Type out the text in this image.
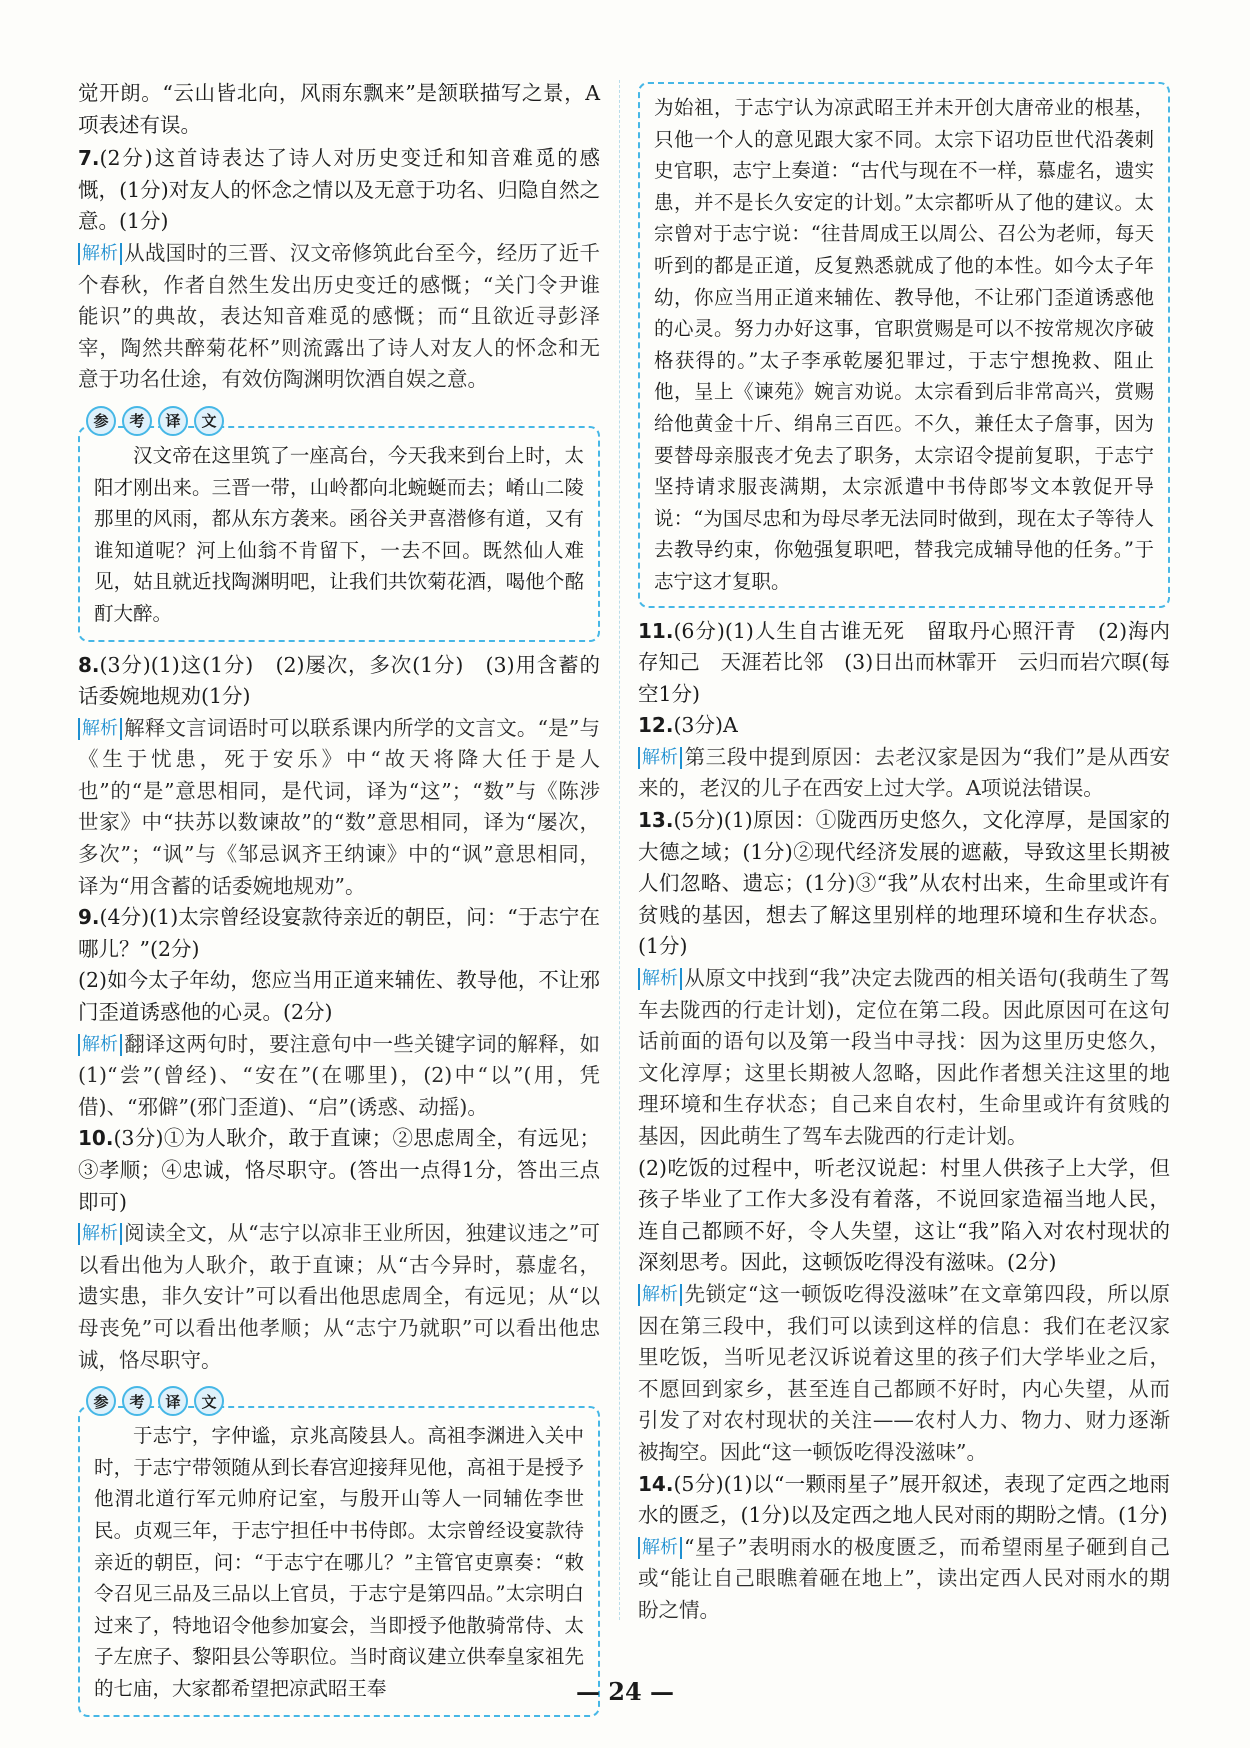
觉开朗。“云山皆北向，风雨东飘来”是颔联描写之景，A项表述有误。

7.(2分)这首诗表达了诗人对历史变迁和知音难觅的感慨，(1分)对友人的怀念之情以及无意于功名、归隐自然之意。(1分)

解析 从战国时的三晋、汉文帝修筑此台至今，经历了近千个春秋，作者自然生发出历史变迁的感慨；“关门令尹谁能识”的典故，表达知音难觅的感慨；而“且欲近寻彭泽宰，陶然共醉菊花杯”则流露出了诗人对友人的怀念和无意于功名仕途，有效仿陶渊明饮酒自娱之意。

参	考	译	文

汉文帝在这里筑了一座高台，今天我来到台上时，太阳才刚出来。三晋一带，山岭都向北蜿蜒而去；崤山二陵那里的风雨，都从东方袭来。函谷关尹喜潜修有道，又有谁知道呢？河上仙翁不肯留下，一去不回。既然仙人难见，姑且就近找陶渊明吧，让我们共饮菊花酒，喝他个酩酊大醉。

8.(3分)(1)这(1分)　(2)屡次，多次(1分)　(3)用含蓄的话委婉地规劝(1分)

解析 解释文言词语时可以联系课内所学的文言文。“是”与《生于忧患，死于安乐》中“故天将降大任于是人也”的“是”意思相同，是代词，译为“这”；“数”与《陈涉世家》中“扶苏以数谏故”的“数”意思相同，译为“屡次，多次”；“讽”与《邹忌讽齐王纳谏》中的“讽”意思相同，译为“用含蓄的话委婉地规劝”。

9.(4分)(1)太宗曾经设宴款待亲近的朝臣，问：“于志宁在哪儿？”(2分)

(2)如今太子年幼，您应当用正道来辅佐、教导他，不让邪门歪道诱惑他的心灵。(2分)

解析 翻译这两句时，要注意句中一些关键字词的解释，如(1)“尝”(曾经)、“安在”(在哪里)，(2)中“以”(用，凭借)、“邪僻”(邪门歪道)、“启”(诱惑、动摇)。

10.(3分)①为人耿介，敢于直谏；②思虑周全，有远见；③孝顺；④忠诚，恪尽职守。(答出一点得1分，答出三点即可)

解析 阅读全文，从“志宁以凉非王业所因，独建议违之”可以看出他为人耿介，敢于直谏；从“古今异时，慕虚名，遗实患，非久安计”可以看出他思虑周全，有远见；从“以母丧免”可以看出他孝顺；从“志宁乃就职”可以看出他忠诚，恪尽职守。

参	考	译	文

于志宁，字仲谧，京兆高陵县人。高祖李渊进入关中时，于志宁带领随从到长春宫迎接拜见他，高祖于是授予他渭北道行军元帅府记室，与殷开山等人一同辅佐李世民。贞观三年，于志宁担任中书侍郎。太宗曾经设宴款待亲近的朝臣，问：“于志宁在哪儿？”主管官吏禀奏：“敕令召见三品及三品以上官员，于志宁是第四品。”太宗明白过来了，特地诏令他参加宴会，当即授予他散骑常侍、太子左庶子、黎阳县公等职位。当时商议建立供奉皇家祖先的七庙，大家都希望把凉武昭王奉

为始祖，于志宁认为凉武昭王并未开创大唐帝业的根基，只他一个人的意见跟大家不同。太宗下诏功臣世代沿袭刺史官职，志宁上奏道：“古代与现在不一样，慕虚名，遗实患，并不是长久安定的计划。”太宗都听从了他的建议。太宗曾对于志宁说：“往昔周成王以周公、召公为老师，每天听到的都是正道，反复熟悉就成了他的本性。如今太子年幼，你应当用正道来辅佐、教导他，不让邪门歪道诱惑他的心灵。努力办好这事，官职赏赐是可以不按常规次序破格获得的。”太子李承乾屡犯罪过，于志宁想挽救、阻止他，呈上《谏苑》婉言劝说。太宗看到后非常高兴，赏赐给他黄金十斤、绢帛三百匹。不久，兼任太子詹事，因为要替母亲服丧才免去了职务，太宗诏令提前复职，于志宁坚持请求服丧满期，太宗派遣中书侍郎岑文本敦促开导说：“为国尽忠和为母尽孝无法同时做到，现在太子等待人去教导约束，你勉强复职吧，替我完成辅导他的任务。”于志宁这才复职。

11.(6分)(1)人生自古谁无死　留取丹心照汗青　(2)海内存知己　天涯若比邻　(3)日出而林霏开　云归而岩穴暝(每空1分)

12.(3分)A

解析 第三段中提到原因：去老汉家是因为“我们”是从西安来的，老汉的儿子在西安上过大学。A项说法错误。

13.(5分)(1)原因：①陇西历史悠久，文化淳厚，是国家的大德之域；(1分)②现代经济发展的遮蔽，导致这里长期被人们忽略、遗忘；(1分)③“我”从农村出来，生命里或许有贫贱的基因，想去了解这里别样的地理环境和生存状态。(1分)

解析 从原文中找到“我”决定去陇西的相关语句(我萌生了驾车去陇西的行走计划)，定位在第二段。因此原因可在这句话前面的语句以及第一段当中寻找：因为这里历史悠久，文化淳厚；这里长期被人忽略，因此作者想关注这里的地理环境和生存状态；自己来自农村，生命里或许有贫贱的基因，因此萌生了驾车去陇西的行走计划。

(2)吃饭的过程中，听老汉说起：村里人供孩子上大学，但孩子毕业了工作大多没有着落，不说回家造福当地人民，连自己都顾不好，令人失望，这让“我”陷入对农村现状的深刻思考。因此，这顿饭吃得没有滋味。(2分)

解析 先锁定“这一顿饭吃得没滋味”在文章第四段，所以原因在第三段中，我们可以读到这样的信息：我们在老汉家里吃饭，当听见老汉诉说着这里的孩子们大学毕业之后，不愿回到家乡，甚至连自己都顾不好时，内心失望，从而引发了对农村现状的关注——农村人力、物力、财力逐渐被掏空。因此“这一顿饭吃得没滋味”。

14.(5分)(1)以“一颗雨星子”展开叙述，表现了定西之地雨水的匮乏，(1分)以及定西之地人民对雨的期盼之情。(1分)

解析 “星子”表明雨水的极度匮乏，而希望雨星子砸到自己或“能让自己眼瞧着砸在地上”，读出定西人民对雨水的期盼之情。

— 24 —
